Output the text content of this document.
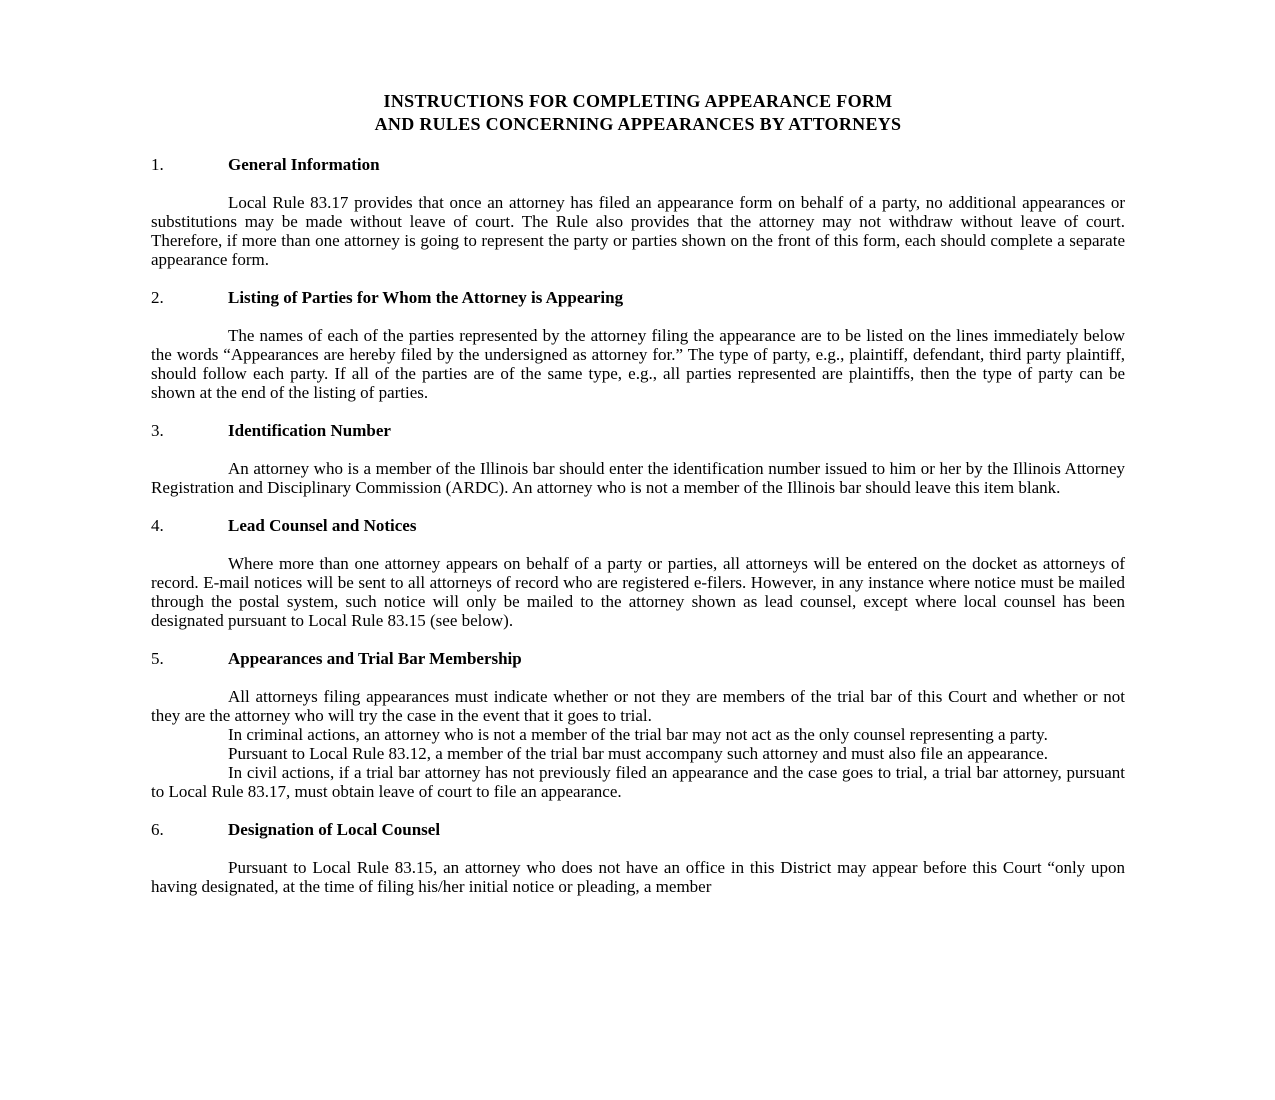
INSTRUCTIONS FOR COMPLETING APPEARANCE FORM
AND RULES CONCERNING APPEARANCES BY ATTORNEYS
1.	General Information

Local Rule 83.17 provides that once an attorney has filed an appearance form on behalf of a party, no additional appearances or substitutions may be made without leave of court. The Rule also provides that the attorney may not withdraw without leave of court. Therefore, if more than one attorney is going to represent the party or parties shown on the front of this form, each should complete a separate appearance form.

2.	Listing of Parties for Whom the Attorney is Appearing

The names of each of the parties represented by the attorney filing the appearance are to be listed on the lines immediately below the words “Appearances are hereby filed by the undersigned as attorney for.” The type of party, e.g., plaintiff, defendant, third party plaintiff, should follow each party. If all of the parties are of the same type, e.g., all parties represented are plaintiffs, then the type of party can be shown at the end of the listing of parties.

3.	Identification Number

An attorney who is a member of the Illinois bar should enter the identification number issued to him or her by the Illinois Attorney Registration and Disciplinary Commission (ARDC). An attorney who is not a member of the Illinois bar should leave this item blank.

4.	Lead Counsel and Notices

Where more than one attorney appears on behalf of a party or parties, all attorneys will be entered on the docket as attorneys of record. E-mail notices will be sent to all attorneys of record who are registered e-filers. However, in any instance where notice must be mailed through the postal system, such notice will only be mailed to the attorney shown as lead counsel, except where local counsel has been designated pursuant to Local Rule 83.15 (see below).

5.	Appearances and Trial Bar Membership

All attorneys filing appearances must indicate whether or not they are members of the trial bar of this Court and whether or not they are the attorney who will try the case in the event that it goes to trial.

In criminal actions, an attorney who is not a member of the trial bar may not act as the only counsel representing a party.

Pursuant to Local Rule 83.12, a member of the trial bar must accompany such attorney and must also file an appearance.

In civil actions, if a trial bar attorney has not previously filed an appearance and the case goes to trial, a trial bar attorney, pursuant to Local Rule 83.17, must obtain leave of court to file an appearance.

6.	Designation of Local Counsel

Pursuant to Local Rule 83.15, an attorney who does not have an office in this District may appear before this Court “only upon having designated, at the time of filing his/her initial notice or pleading, a member
